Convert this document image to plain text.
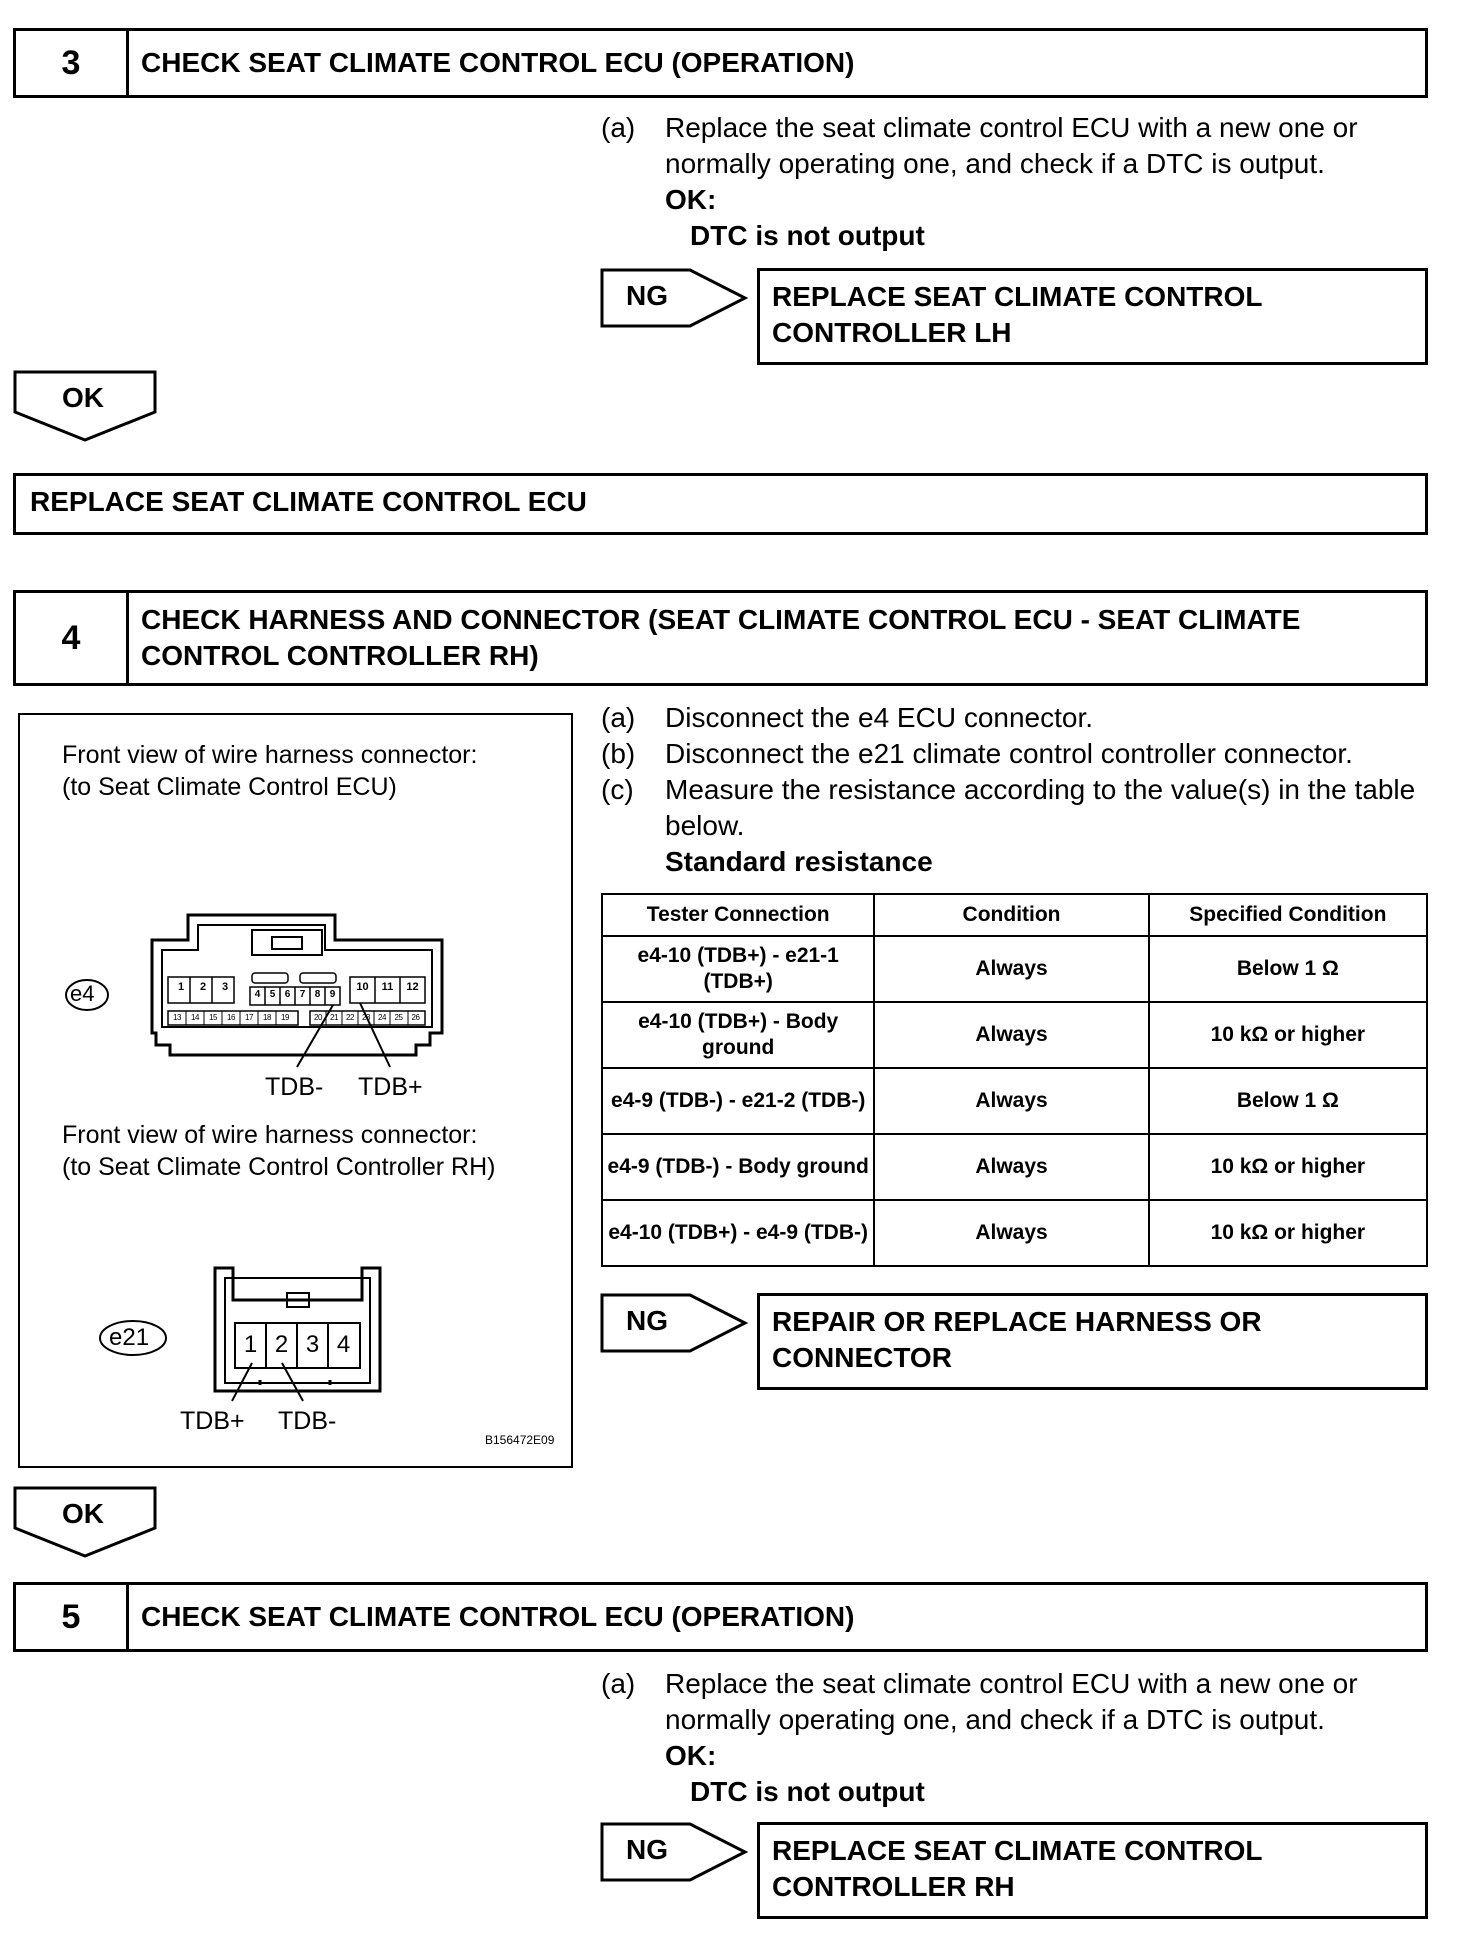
3	CHECK SEAT CLIMATE CONTROL ECU (OPERATION)
(a)	Replace the seat climate control ECU with a new one or normally operating one, and check if a DTC is output.
OK:
DTC is not output
NG	REPLACE SEAT CLIMATE CONTROL CONTROLLER LH
OK
REPLACE SEAT CLIMATE CONTROL ECU
4	CHECK HARNESS AND CONNECTOR (SEAT CLIMATE CONTROL ECU - SEAT CLIMATE CONTROL CONTROLLER RH)
Front view of wire harness connector:
(to Seat Climate Control ECU)
e4	1	2	3	10	11	12
4 5 6 7 8 9
13	14	15	16	17	18	19	20	21	22	23	24	25	26
TDB- TDB+
Front view of wire harness connector:
(to Seat Climate Control Controller RH)
e21	1 2 3 4
TDB+ TDB-
B156472E09
(a)	Disconnect the e4 ECU connector.
(b)	Disconnect the e21 climate control controller connector.
(c)	Measure the resistance according to the value(s) in the table below.
Standard resistance
Tester Connection	Condition	Specified Condition
e4-10 (TDB+) - e21-1 (TDB+)	Always	Below 1 Ω
e4-10 (TDB+) - Body ground	Always	10 kΩ or higher
e4-9 (TDB-) - e21-2 (TDB-)	Always	Below 1 Ω
e4-9 (TDB-) - Body ground	Always	10 kΩ or higher
e4-10 (TDB+) - e4-9 (TDB-)	Always	10 kΩ or higher
NG	REPAIR OR REPLACE HARNESS OR CONNECTOR
OK
5	CHECK SEAT CLIMATE CONTROL ECU (OPERATION)
(a)	Replace the seat climate control ECU with a new one or normally operating one, and check if a DTC is output.
OK:
DTC is not output
NG	REPLACE SEAT CLIMATE CONTROL CONTROLLER RH
